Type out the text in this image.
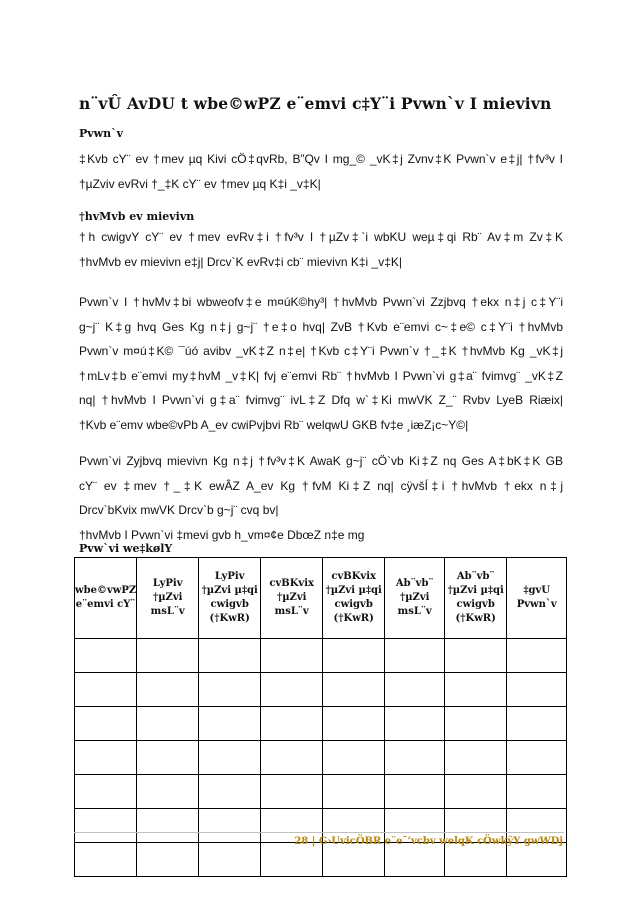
n¨vÛ AvDU t wbe©wPZ e¨emvi c‡Y¨i Pvwn`v I mievivn
Pvwn`v
‡Kvb cY¨ ev †mev µq Kivi cÖ‡qvRb, B”Qv I mg_© _vK‡j Zvnv‡K Pvwn`v e‡j| †fv³v I
†µZviv evRvi †_‡K cY¨ ev †mev µq K‡i _v‡K|
†hvMvb ev mievivn
†h cwigvY cY¨ ev †mev evRv‡i †fv³v I †µZv‡`i wbKU weµ‡qi Rb¨ Av‡m Zv‡K
†hvMvb ev mievivn e‡j| Drcv`K evRv‡i cb¨ mievivn K‡i _v‡K|
Pvwn`v I †hvMv‡bi wbweofv‡e m¤úK©hy³| †hvMvb Pvwn`vi Zzjbvq †ekx n‡j c‡Y¨i
g~j¨ K‡g hvq Ges Kg n‡j g~j¨ †e‡o hvq| ZvB †Kvb e¨emvi c~‡e© c‡Y¨i †hvMvb
Pvwn`v m¤ú‡K© ¯úó avibv _vK‡Z n‡e| †Kvb c‡Y¨i Pvwn`v †_‡K †hvMvb Kg _vK‡j
†mLv‡b e¨emvi my‡hvM _v‡K| fvj e¨emvi Rb¨ †hvMvb I Pvwn`vi g‡a¨ fvimvg¨ _vK‡Z
nq| †hvMvb I Pvwn`vi g‡a¨ fvimvg¨ ivL‡Z Dfq w`‡Ki mwVK Z_¨ Rvbv LyeB Riæix|
†Kvb e¨emv wbe©vPb A_ev cwiPvjbvi Rb¨ welqwU GKB fv‡e ¸iæZ¡c~Y©|
Pvwn`vi Zyjbvq mievivn Kg n‡j †fv³v‡K AwaK g~j¨ cÖ`vb Ki‡Z nq Ges A‡bK‡K GB
cY¨ ev ‡mev †_‡K ewÂZ A_ev Kg †fvM Ki‡Z nq| cÿvšÍ‡i †hvMvb †ekx n‡j
Drcv`bKvix mwVK Drcv`b g~j¨ cvq bv|
†hvMvb I Pvwn`vi ‡mevi gvb h_vm¤¢e DbœZ n‡e mg
Pvw`vi we‡kølY
wbe©vwPZ e¨emvi cY¨	LyPiv †µZvi msL¨v	LyPiv †µZvi µ‡qi cwigvb (†KwR)	cvBKvix †µZvi msL¨v	cvBKvix †µZvi µ‡qi cwigvb (†KwR)	Ab¨vb¨ †µZvi msL¨v	Ab¨vb¨ †µZvi µ‡qi cwigvb (†KwR)	‡gvU Pvwn`v

28 | G›UvicÖBR e¨e¯’vcbv welqK cÖwkÿY gwWDj
